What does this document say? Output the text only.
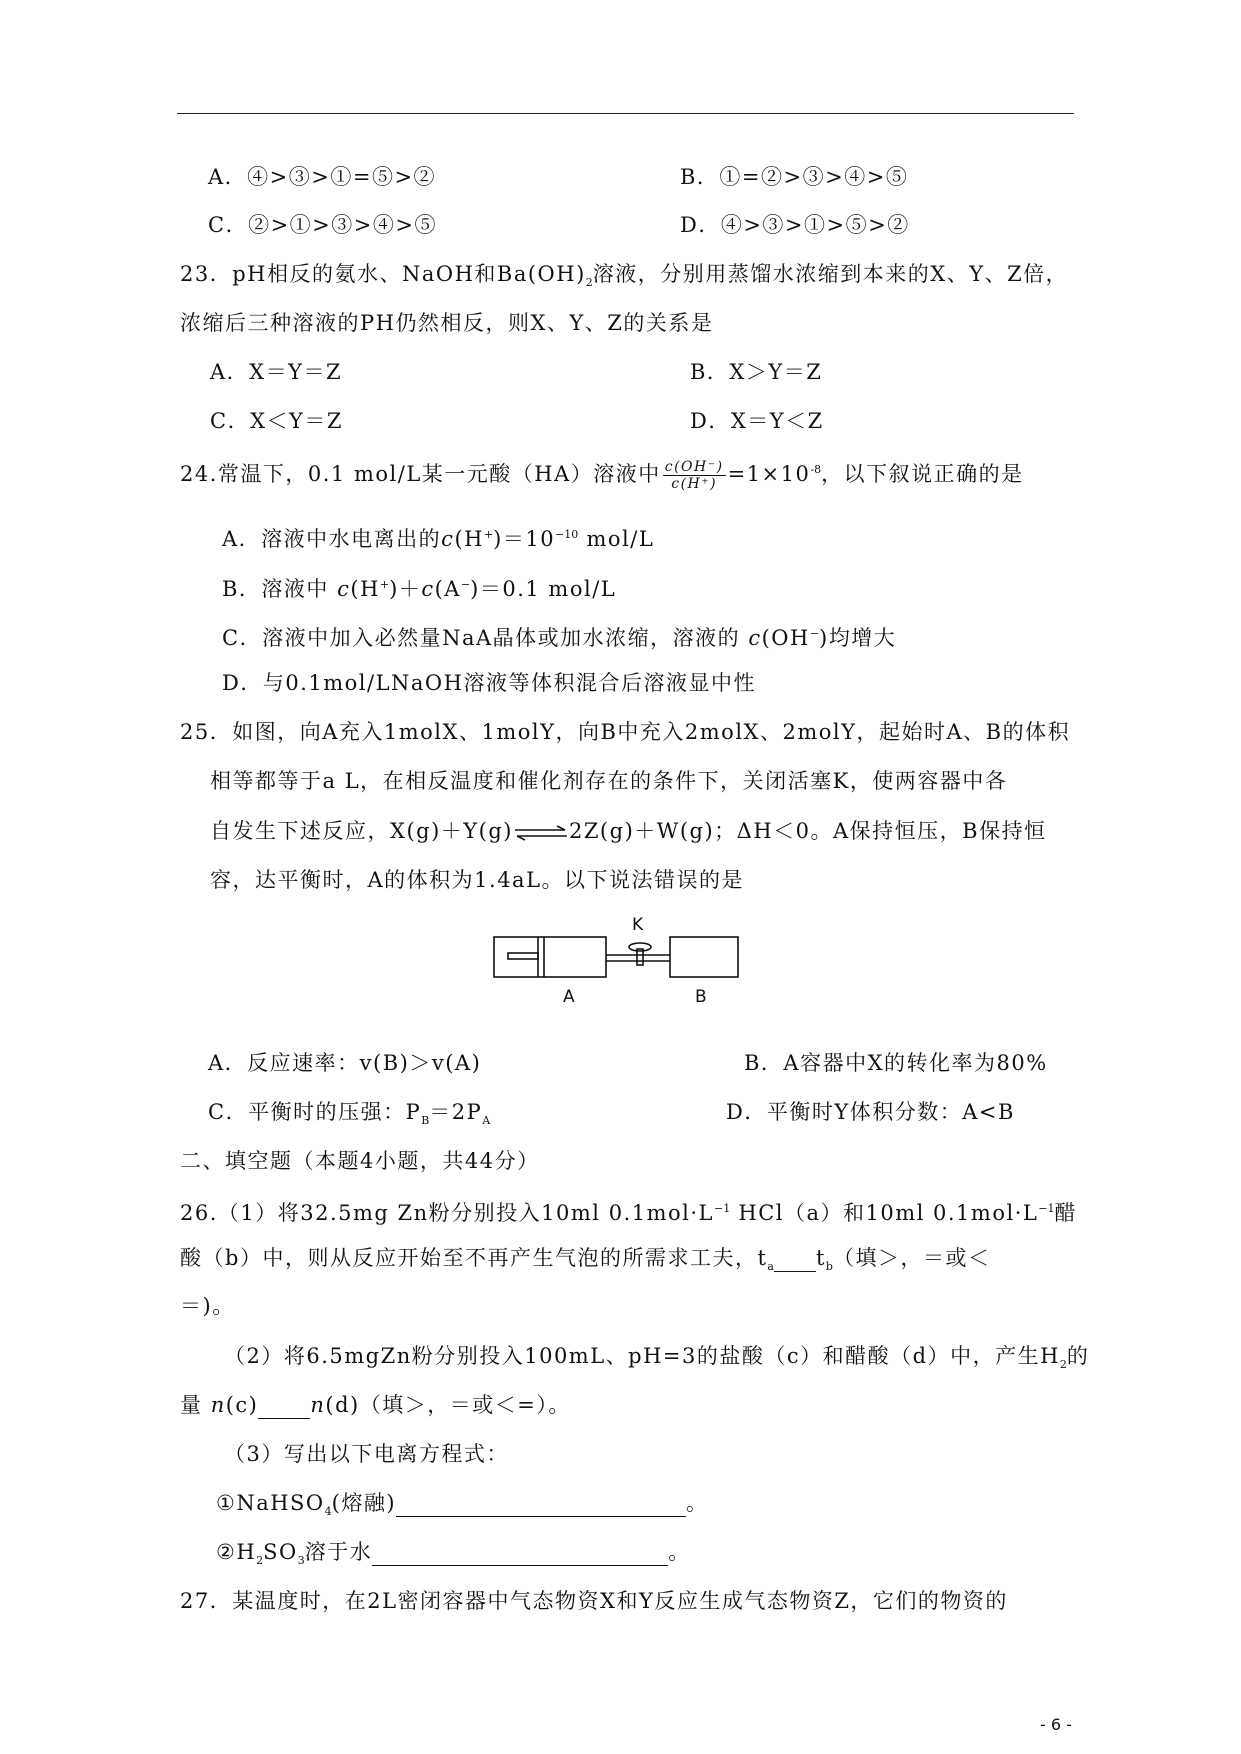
A．④>③>①=⑤>②	B．①=②>③>④>⑤
C．②>①>③>④>⑤	D．④>③>①>⑤>②
23．pH相反的氨水、NaOH和$Ba(OH)_2$溶液，分别用蒸馏水浓缩到本来的X、Y、Z倍，
浓缩后三种溶液的PH仍然相反，则X、Y、Z的关系是
A．X＝Y＝Z	B．X＞Y＝Z
C．X＜Y＝Z	D．X＝Y＜Z
24.常温下，0.1 mol/L某一元酸（HA）溶液中 $\frac{c(OH^-)}{c(H^+)} =1\times 10^{-8}$，以下叙说正确的是
A．溶液中水电离出的$c(H^+)=10^{-10}$ mol/L
B．溶液中 c(H+)＋c(A−)＝0.1 mol/L
C．溶液中加入必然量NaA晶体或加水浓缩，溶液的 c(OH−)均增大
D．与0.1mol/LNaOH溶液等体积混合后溶液显中性
25．如图，向A充入1molX、1molY，向B中充入2molX、2molY，起始时A、B的体积
相等都等于a L，在相反温度和催化剂存在的条件下，关闭活塞K，使两容器中各
自发生下述反应，X(g)＋Y(g)⇌2Z(g)＋W(g)；ΔH＜0。A保持恒压，B保持恒
容，达平衡时，A的体积为1.4aL。以下说法错误的是
K
A	B
A．反应速率：v(B)＞v(A)	B．A容器中X的转化率为80%
C．平衡时的压强：$P_B=2P_A$	D．平衡时Y体积分数：A<B
二、填空题（本题4小题，共44分）
26.（1）将32.5mg Zn粉分别投入10ml $0.1mol\cdot L^{-1}$ HCl（a）和10ml $0.1mol\cdot L^{-1}$醋
酸（b）中，则从反应开始至不再产生气泡的所需求工夫，$t_a$ $t_b$（填＞，＝或＜
＝)。
（2）将6.5mgZn粉分别投入100mL、pH=3的盐酸（c）和醋酸（d）中，产生$H_2$的
量 n(c) n(d)（填＞，＝或＜=）。
（3）写出以下电离方程式：
①NaHSO$_4$(熔融)	。
$②H_2SO_3$溶于水	。
27．某温度时，在2L密闭容器中气态物资X和Y反应生成气态物资Z，它们的物资的
- 6 -
